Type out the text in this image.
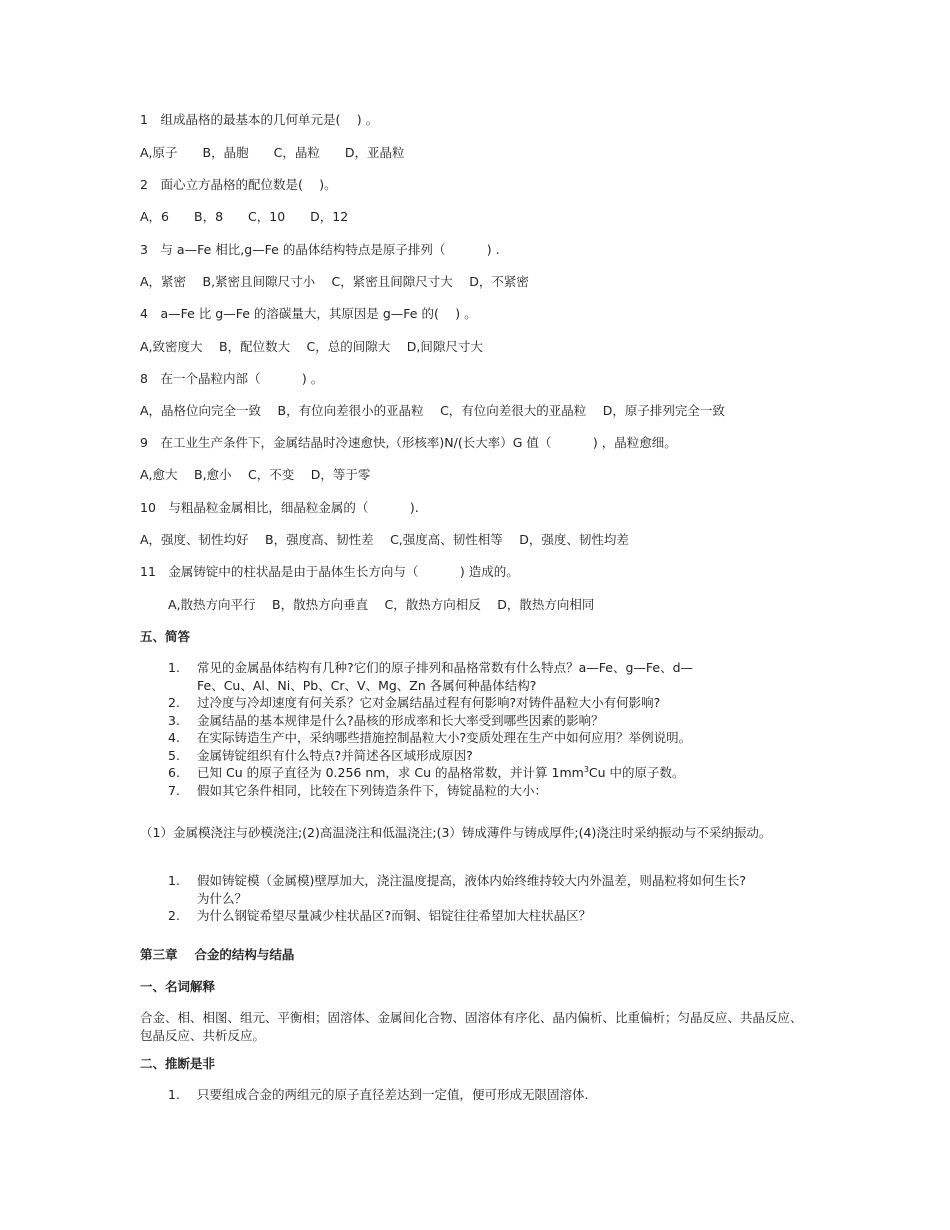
1　组成晶格的最基本的几何单元是(　 ) 。
A,原子　　B，晶胞　　C，晶粒　　D，亚晶粒
2　面心立方晶格的配位数是(　 )。
A，6　　B，8　　C，10　　D，12
3　与 a—Fe 相比,g—Fe 的晶体结构特点是原子排列（　　　 ) .
A，紧密　 B,紧密且间隙尺寸小　 C，紧密且间隙尺寸大　 D，不紧密
4　a—Fe 比 g—Fe 的溶碳量大，其原因是 g—Fe 的(　 ) 。
A,致密度大　 B，配位数大　 C，总的间隙大　 D,间隙尺寸大
8　在一个晶粒内部（　　　 ) 。
A，晶格位向完全一致　 B，有位向差很小的亚晶粒　 C，有位向差很大的亚晶粒　 D，原子排列完全一致
9　在工业生产条件下，金属结晶时冷速愈快,（形核率)N/(长大率）G 值（　　　 ) ，晶粒愈细。
A,愈大　 B,愈小　 C，不变　 D，等于零
10　与粗晶粒金属相比，细晶粒金属的（　　　 ).
A，强度、韧性均好　 B，强度高、韧性差　 C,强度高、韧性相等　 D，强度、韧性均差
11　金属铸锭中的柱状晶是由于晶体生长方向与（　　　 ) 造成的。
A,散热方向平行　 B，散热方向垂直　 C，散热方向相反　 D，散热方向相同
五、简答
1. 常见的金属晶体结构有几种?它们的原子排列和晶格常数有什么特点？a—Fe、g—Fe、d—
Fe、Cu、Al、Ni、Pb、Cr、V、Mg、Zn 各属何种晶体结构?
2. 过冷度与冷却速度有何关系？它对金属结晶过程有何影响?对铸件晶粒大小有何影响?
3. 金属结晶的基本规律是什么?晶核的形成率和长大率受到哪些因素的影响？
4. 在实际铸造生产中，采纳哪些措施控制晶粒大小?变质处理在生产中如何应用？举例说明。
5. 金属铸锭组织有什么特点?并简述各区域形成原因?
6. 已知 Cu 的原子直径为 0.256 nm，求 Cu 的晶格常数，并计算 $1mm^3Cu$ 中的原子数。
7. 假如其它条件相同，比较在下列铸造条件下，铸锭晶粒的大小：
（1）金属模浇注与砂模浇注;(2)高温浇注和低温浇注;(3）铸成薄件与铸成厚件;(4)浇注时采纳振动与不采纳振动。
1. 假如铸锭模（金属模)壁厚加大，浇注温度提高，液体内始终维持较大内外温差，则晶粒将如何生长?
为什么？
2. 为什么钢锭希望尽量减少柱状晶区?而铜、铝锭往往希望加大柱状晶区？
第三章　 合金的结构与结晶
一、名词解释
合金、相、相图、组元、平衡相；固溶体、金属间化合物、固溶体有序化、晶内偏析、比重偏析；匀晶反应、共晶反应、包晶反应、共析反应。
二、推断是非
1. 只要组成合金的两组元的原子直径差达到一定值，便可形成无限固溶体.
